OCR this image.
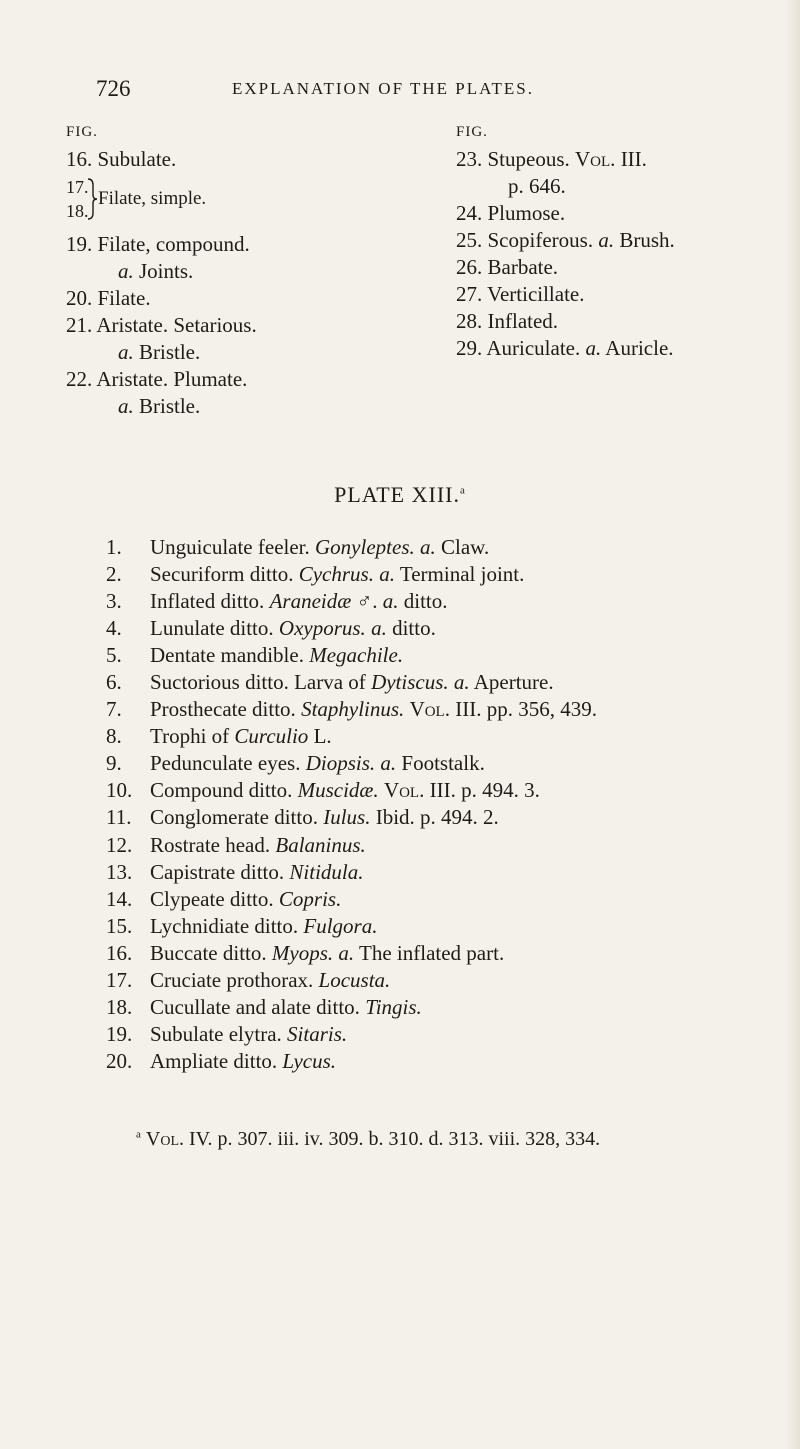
726	EXPLANATION OF THE PLATES.
FIG.
16. Subulate.
17.
18.
Filate, simple.
19. Filate, compound.
a. Joints.
20. Filate.
21. Aristate. Setarious.
a. Bristle.
22. Aristate. Plumate.
a. Bristle.
FIG.
23. Stupeous. Vol. III.
p. 646.
24. Plumose.
25. Scopiferous. a. Brush.
26. Barbate.
27. Verticillate.
28. Inflated.
29. Auriculate. a. Auricle.
PLATE XIII.$^a$
1. Unguiculate feeler. Gonyleptes. a. Claw.
2. Securiform ditto. Cychrus. a. Terminal joint.
3. Inflated ditto. Araneidæ ♂. a. ditto.
4. Lunulate ditto. Oxyporus. a. ditto.
5. Dentate mandible. Megachile.
6. Suctorious ditto. Larva of Dytiscus. a. Aperture.
7. Prosthecate ditto. Staphylinus. Vol. III. pp. 356, 439.
8. Trophi of Curculio L.
9. Pedunculate eyes. Diopsis. a. Footstalk.
10. Compound ditto. Muscidæ. Vol. III. p. 494. 3.
11. Conglomerate ditto. Iulus. Ibid. p. 494. 2.
12. Rostrate head. Balaninus.
13. Capistrate ditto. Nitidula.
14. Clypeate ditto. Copris.
15. Lychnidiate ditto. Fulgora.
16. Buccate ditto. Myops. a. The inflated part.
17. Cruciate prothorax. Locusta.
18. Cucullate and alate ditto. Tingis.
19. Subulate elytra. Sitaris.
20. Ampliate ditto. Lycus.
$^a$ Vol. IV. p. 307. iii. iv. 309. b. 310. d. 313. viii. 328, 334.
